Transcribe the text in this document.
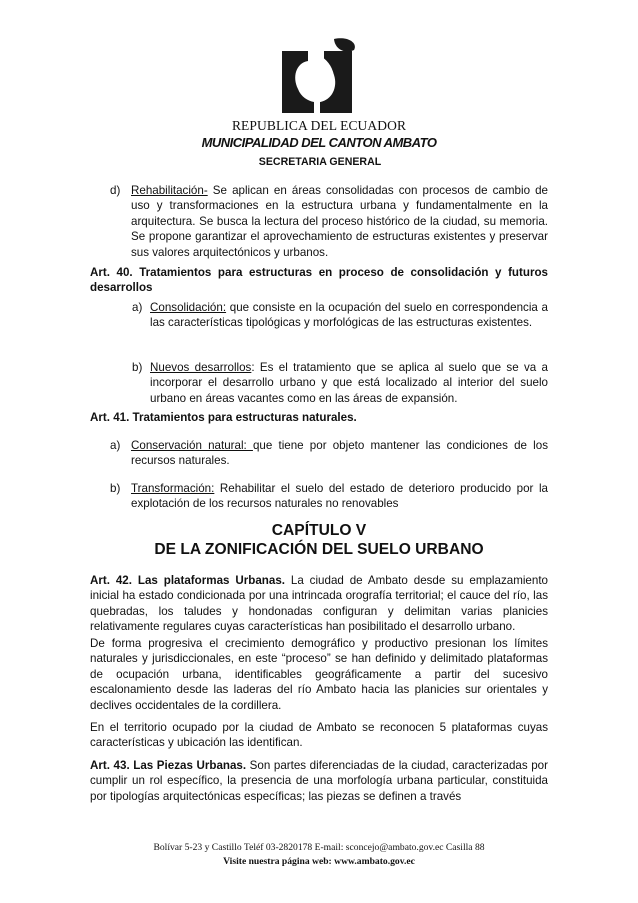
REPUBLICA DEL ECUADOR
MUNICIPALIDAD DEL CANTON AMBATO
SECRETARIA GENERAL
d) Rehabilitación- Se aplican en áreas consolidadas con procesos de cambio de uso y transformaciones en la estructura urbana y fundamentalmente en la arquitectura. Se busca la lectura del proceso histórico de la ciudad, su memoria. Se propone garantizar el aprovechamiento de estructuras existentes y preservar sus valores arquitectónicos y urbanos.
Art. 40. Tratamientos para estructuras en proceso de consolidación y futuros desarrollos
a) Consolidación: que consiste en la ocupación del suelo en correspondencia a las características tipológicas y morfológicas de las estructuras existentes.
b) Nuevos desarrollos: Es el tratamiento que se aplica al suelo que se va a incorporar el desarrollo urbano y que está localizado al interior del suelo urbano en áreas vacantes como en las áreas de expansión.
Art. 41. Tratamientos para estructuras naturales.
a) Conservación natural: que tiene por objeto mantener las condiciones de los recursos naturales.
b) Transformación: Rehabilitar el suelo del estado de deterioro producido por la explotación de los recursos naturales no renovables
CAPÍTULO V
DE LA ZONIFICACIÓN DEL SUELO URBANO
Art. 42. Las plataformas Urbanas. La ciudad de Ambato desde su emplazamiento inicial ha estado condicionada por una intrincada orografía territorial; el cauce del río, las quebradas, los taludes y hondonadas configuran y delimitan varias planicies relativamente regulares cuyas características han posibilitado el desarrollo urbano.
De forma progresiva el crecimiento demográfico y productivo presionan los límites naturales y jurisdiccionales, en este “proceso” se han definido y delimitado plataformas de ocupación urbana, identificables geográficamente a partir del sucesivo escalonamiento desde las laderas del río Ambato hacia las planicies sur orientales y declives occidentales de la cordillera.
En el territorio ocupado por la ciudad de Ambato se reconocen 5 plataformas cuyas características y ubicación las identifican.
Art. 43. Las Piezas Urbanas. Son partes diferenciadas de la ciudad, caracterizadas por cumplir un rol específico, la presencia de una morfología urbana particular, constituida por tipologías arquitectónicas específicas; las piezas se definen a través
Bolívar 5-23 y Castillo Teléf 03-2820178 E-mail: sconcejo@ambato.gov.ec Casilla 88
Visite nuestra página web: www.ambato.gov.ec
